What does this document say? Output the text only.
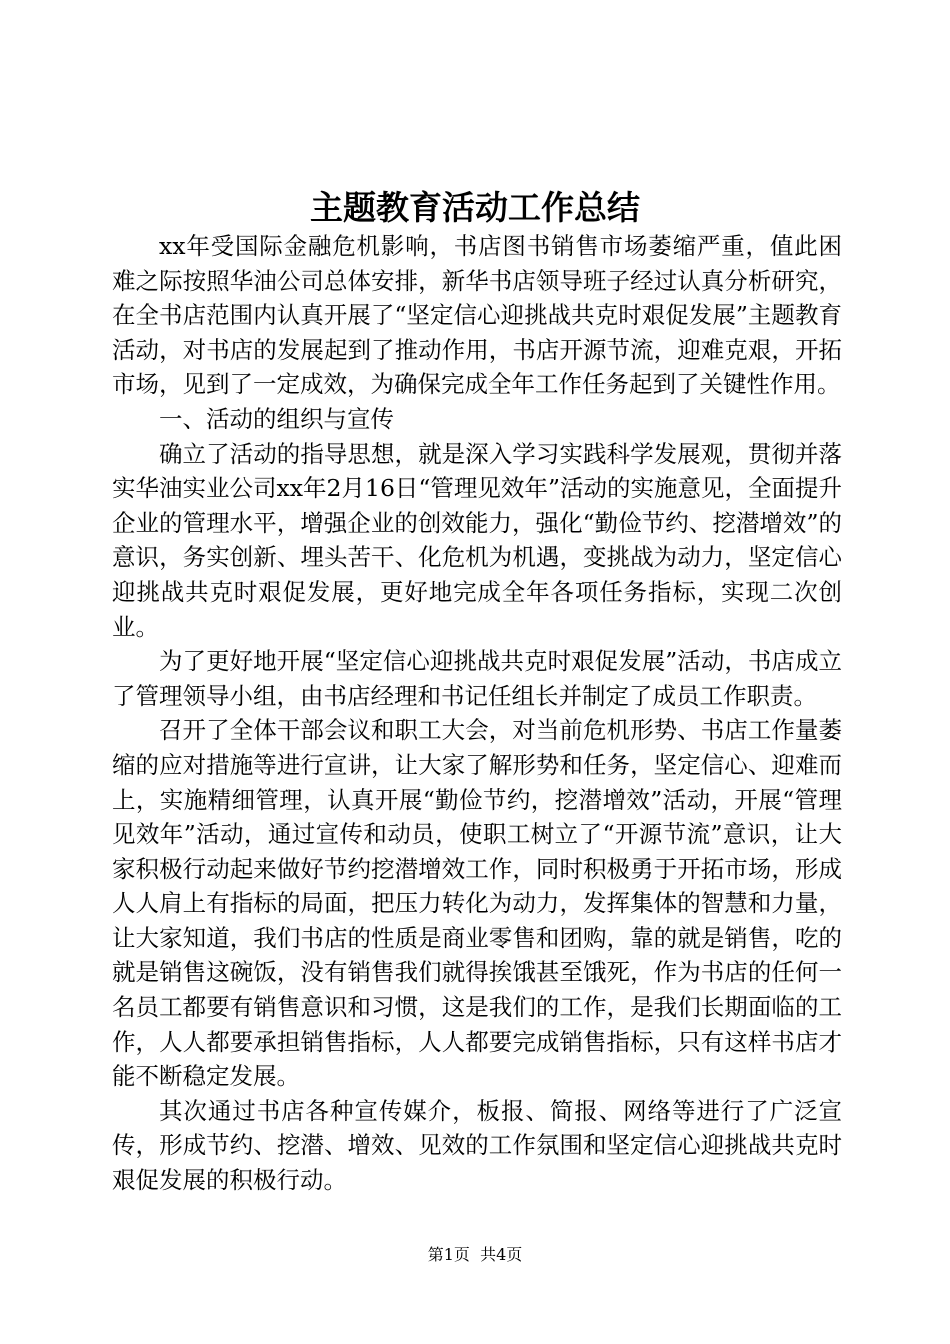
主题教育活动工作总结

xx年受国际金融危机影响，书店图书销售市场萎缩严重，值此困难之际按照华油公司总体安排，新华书店领导班子经过认真分析研究，在全书店范围内认真开展了“坚定信心迎挑战共克时艰促发展”主题教育活动，对书店的发展起到了推动作用，书店开源节流，迎难克艰，开拓市场，见到了一定成效，为确保完成全年工作任务起到了关键性作用。

一、活动的组织与宣传

确立了活动的指导思想，就是深入学习实践科学发展观，贯彻并落实华油实业公司xx年2月16日“管理见效年”活动的实施意见，全面提升企业的管理水平，增强企业的创效能力，强化“勤俭节约、挖潜增效”的意识，务实创新、埋头苦干、化危机为机遇，变挑战为动力，坚定信心迎挑战共克时艰促发展，更好地完成全年各项任务指标，实现二次创业。

为了更好地开展“坚定信心迎挑战共克时艰促发展”活动，书店成立了管理领导小组，由书店经理和书记任组长并制定了成员工作职责。

召开了全体干部会议和职工大会，对当前危机形势、书店工作量萎缩的应对措施等进行宣讲，让大家了解形势和任务，坚定信心、迎难而上，实施精细管理，认真开展“勤俭节约，挖潜增效”活动，开展“管理见效年”活动，通过宣传和动员，使职工树立了“开源节流”意识，让大家积极行动起来做好节约挖潜增效工作，同时积极勇于开拓市场，形成人人肩上有指标的局面，把压力转化为动力，发挥集体的智慧和力量，让大家知道，我们书店的性质是商业零售和团购，靠的就是销售，吃的就是销售这碗饭，没有销售我们就得挨饿甚至饿死，作为书店的任何一名员工都要有销售意识和习惯，这是我们的工作，是我们长期面临的工作，人人都要承担销售指标，人人都要完成销售指标，只有这样书店才能不断稳定发展。

其次通过书店各种宣传媒介，板报、简报、网络等进行了广泛宣传，形成节约、挖潜、增效、见效的工作氛围和坚定信心迎挑战共克时艰促发展的积极行动。

第1页 共4页
